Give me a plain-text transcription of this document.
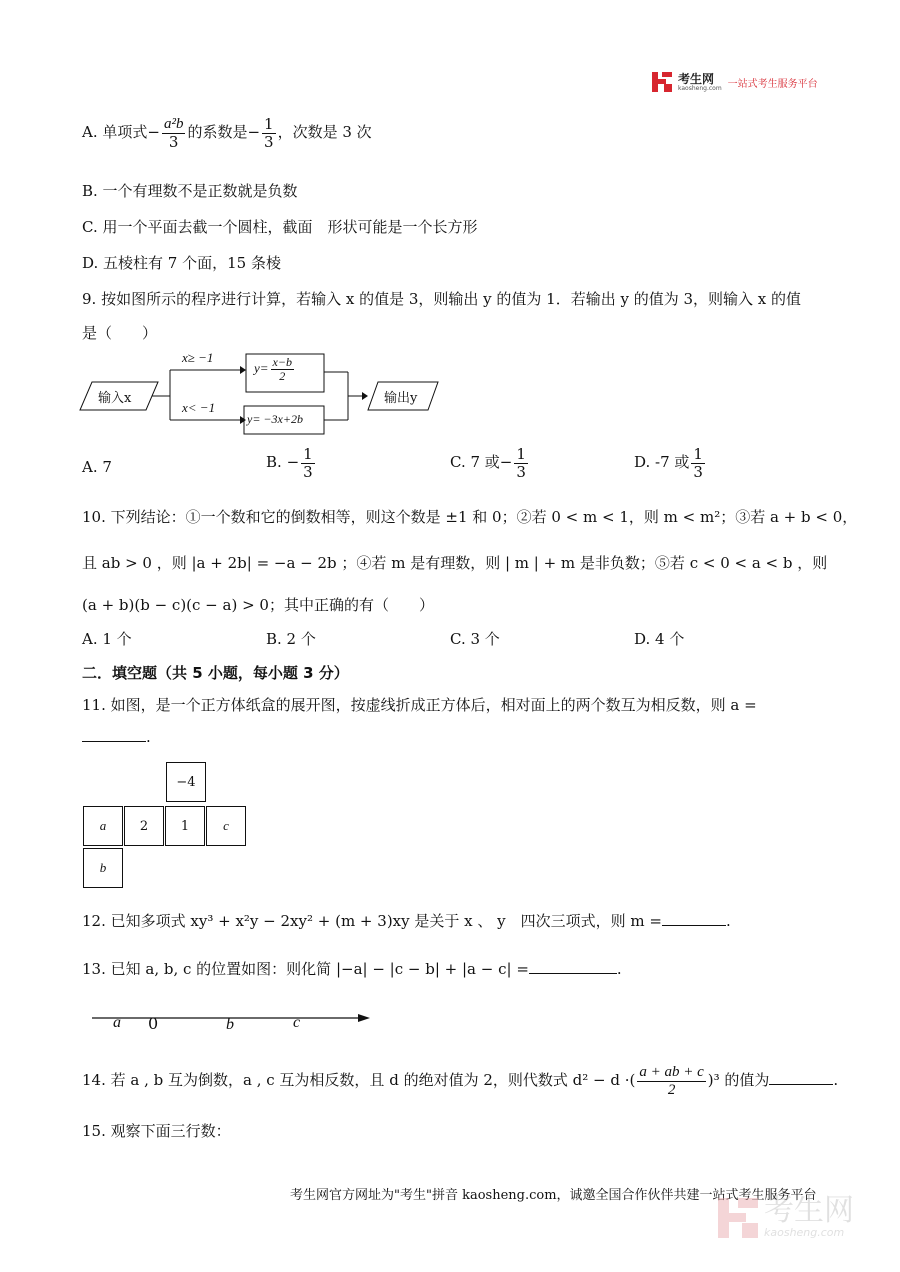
考生网
kaosheng.com 一站式考生服务平台
A. 单项式− $\frac{\text{a²b}}{3}$ 的系数是− $\frac{1}{3}$ ，次数是 3 次
B. 一个有理数不是正数就是负数
C. 用一个平面去截一个圆柱，截面　形状可能是一个长方形
D. 五棱柱有 7 个面，15 条棱
9. 按如图所示的程序进行计算，若输入 x 的值是 3，则输出 y 的值为 1．若输出 y 的值为 3，则输入 x 的值
是（　　）
输入x
x≥ −1
x< −1
$y= \frac{x-b}{2}$
y= −3x+2b
输出y
A. 7	B. − $\frac{1}{3}$	C. 7 或− $\frac{1}{3}$	D. -7 或 $\frac{1}{3}$
10. 下列结论：①一个数和它的倒数相等，则这个数是 ±1 和 0；②若 0 < m < 1，则 m < m²；③若 a + b < 0，
且 ab > 0 ，则 |a + 2b| = −a − 2b ；④若 m 是有理数，则 | m | + m 是非负数；⑤若 c < 0 < a < b ，则
(a + b)(b − c)(c − a) > 0；其中正确的有（　　）
A. 1 个	B. 2 个	C. 3 个	D. 4 个
二．填空题（共 5 小题，每小题 3 分）
11. 如图，是一个正方体纸盒的展开图，按虚线折成正方体后，相对面上的两个数互为相反数，则 a =
.
−4
a	2	1	c
b
12. 已知多项式 xy³ + x²y − 2xy² + (m + 3)xy 是关于 x 、 y　四次三项式，则 m =	.
13. 已知 a, b, c 的位置如图：则化简 |−a| − |c − b| + |a − c| =	.
a 0	b	c
14. 若 a , b 互为倒数，a , c 互为相反数，且 d 的绝对值为 2，则代数式 d² − d ·( $\frac{a + ab + c}{2} )^3$ 的值为	.
15. 观察下面三行数：
考生网官方网址为"考生"拼音 kaosheng.com，诚邀全国合作伙伴共建一站式考生服务平台
考生网
kaosheng.com
